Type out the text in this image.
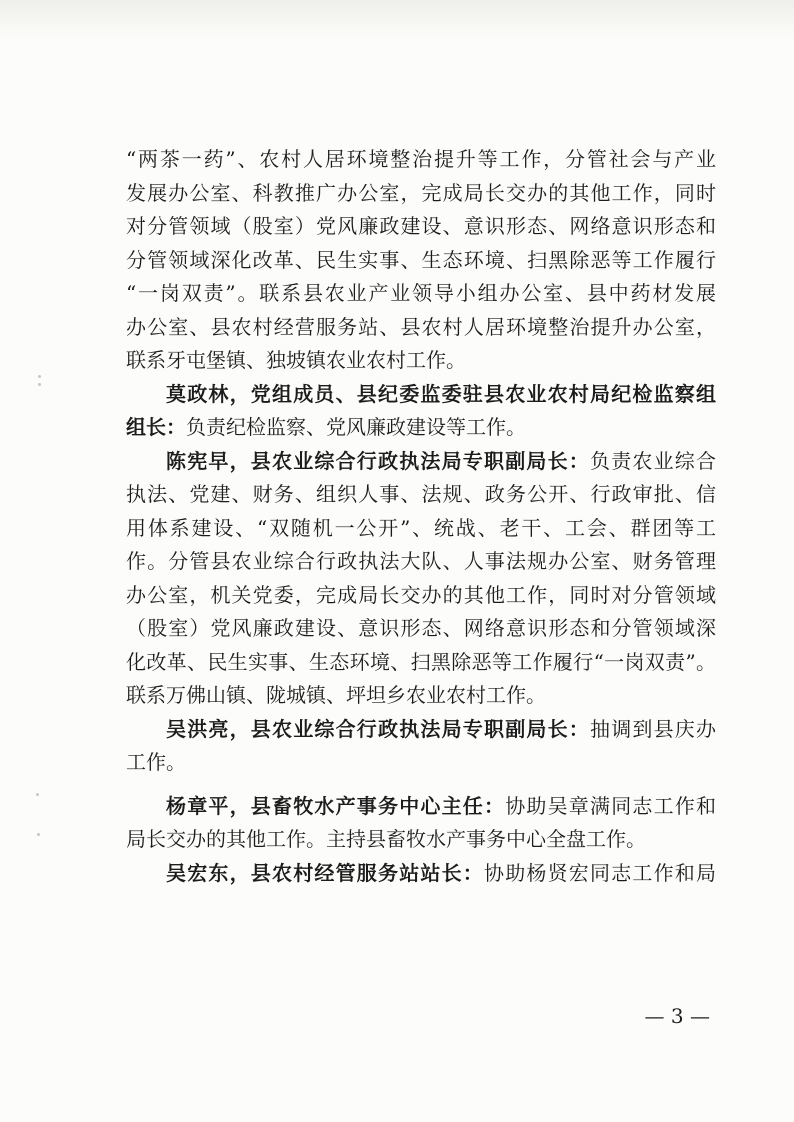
“两茶一药”、农村人居环境整治提升等工作，分管社会与产业
发展办公室、科教推广办公室，完成局长交办的其他工作，同时
对分管领域（股室）党风廉政建设、意识形态、网络意识形态和
分管领域深化改革、民生实事、生态环境、扫黑除恶等工作履行
“一岗双责”。联系县农业产业领导小组办公室、县中药材发展
办公室、县农村经营服务站、县农村人居环境整治提升办公室，
联系牙屯堡镇、独坡镇农业农村工作。
莫政林，党组成员、县纪委监委驻县农业农村局纪检监察组
组长：负责纪检监察、党风廉政建设等工作。
陈宪早，县农业综合行政执法局专职副局长：负责农业综合
执法、党建、财务、组织人事、法规、政务公开、行政审批、信
用体系建设、“双随机一公开”、统战、老干、工会、群团等工
作。分管县农业综合行政执法大队、人事法规办公室、财务管理
办公室，机关党委，完成局长交办的其他工作，同时对分管领域
（股室）党风廉政建设、意识形态、网络意识形态和分管领域深
化改革、民生实事、生态环境、扫黑除恶等工作履行“一岗双责”。
联系万佛山镇、陇城镇、坪坦乡农业农村工作。
吴洪亮，县农业综合行政执法局专职副局长：抽调到县庆办
工作。
杨章平，县畜牧水产事务中心主任：协助吴章满同志工作和
局长交办的其他工作。主持县畜牧水产事务中心全盘工作。
吴宏东，县农村经管服务站站长：协助杨贤宏同志工作和局
— 3 —
